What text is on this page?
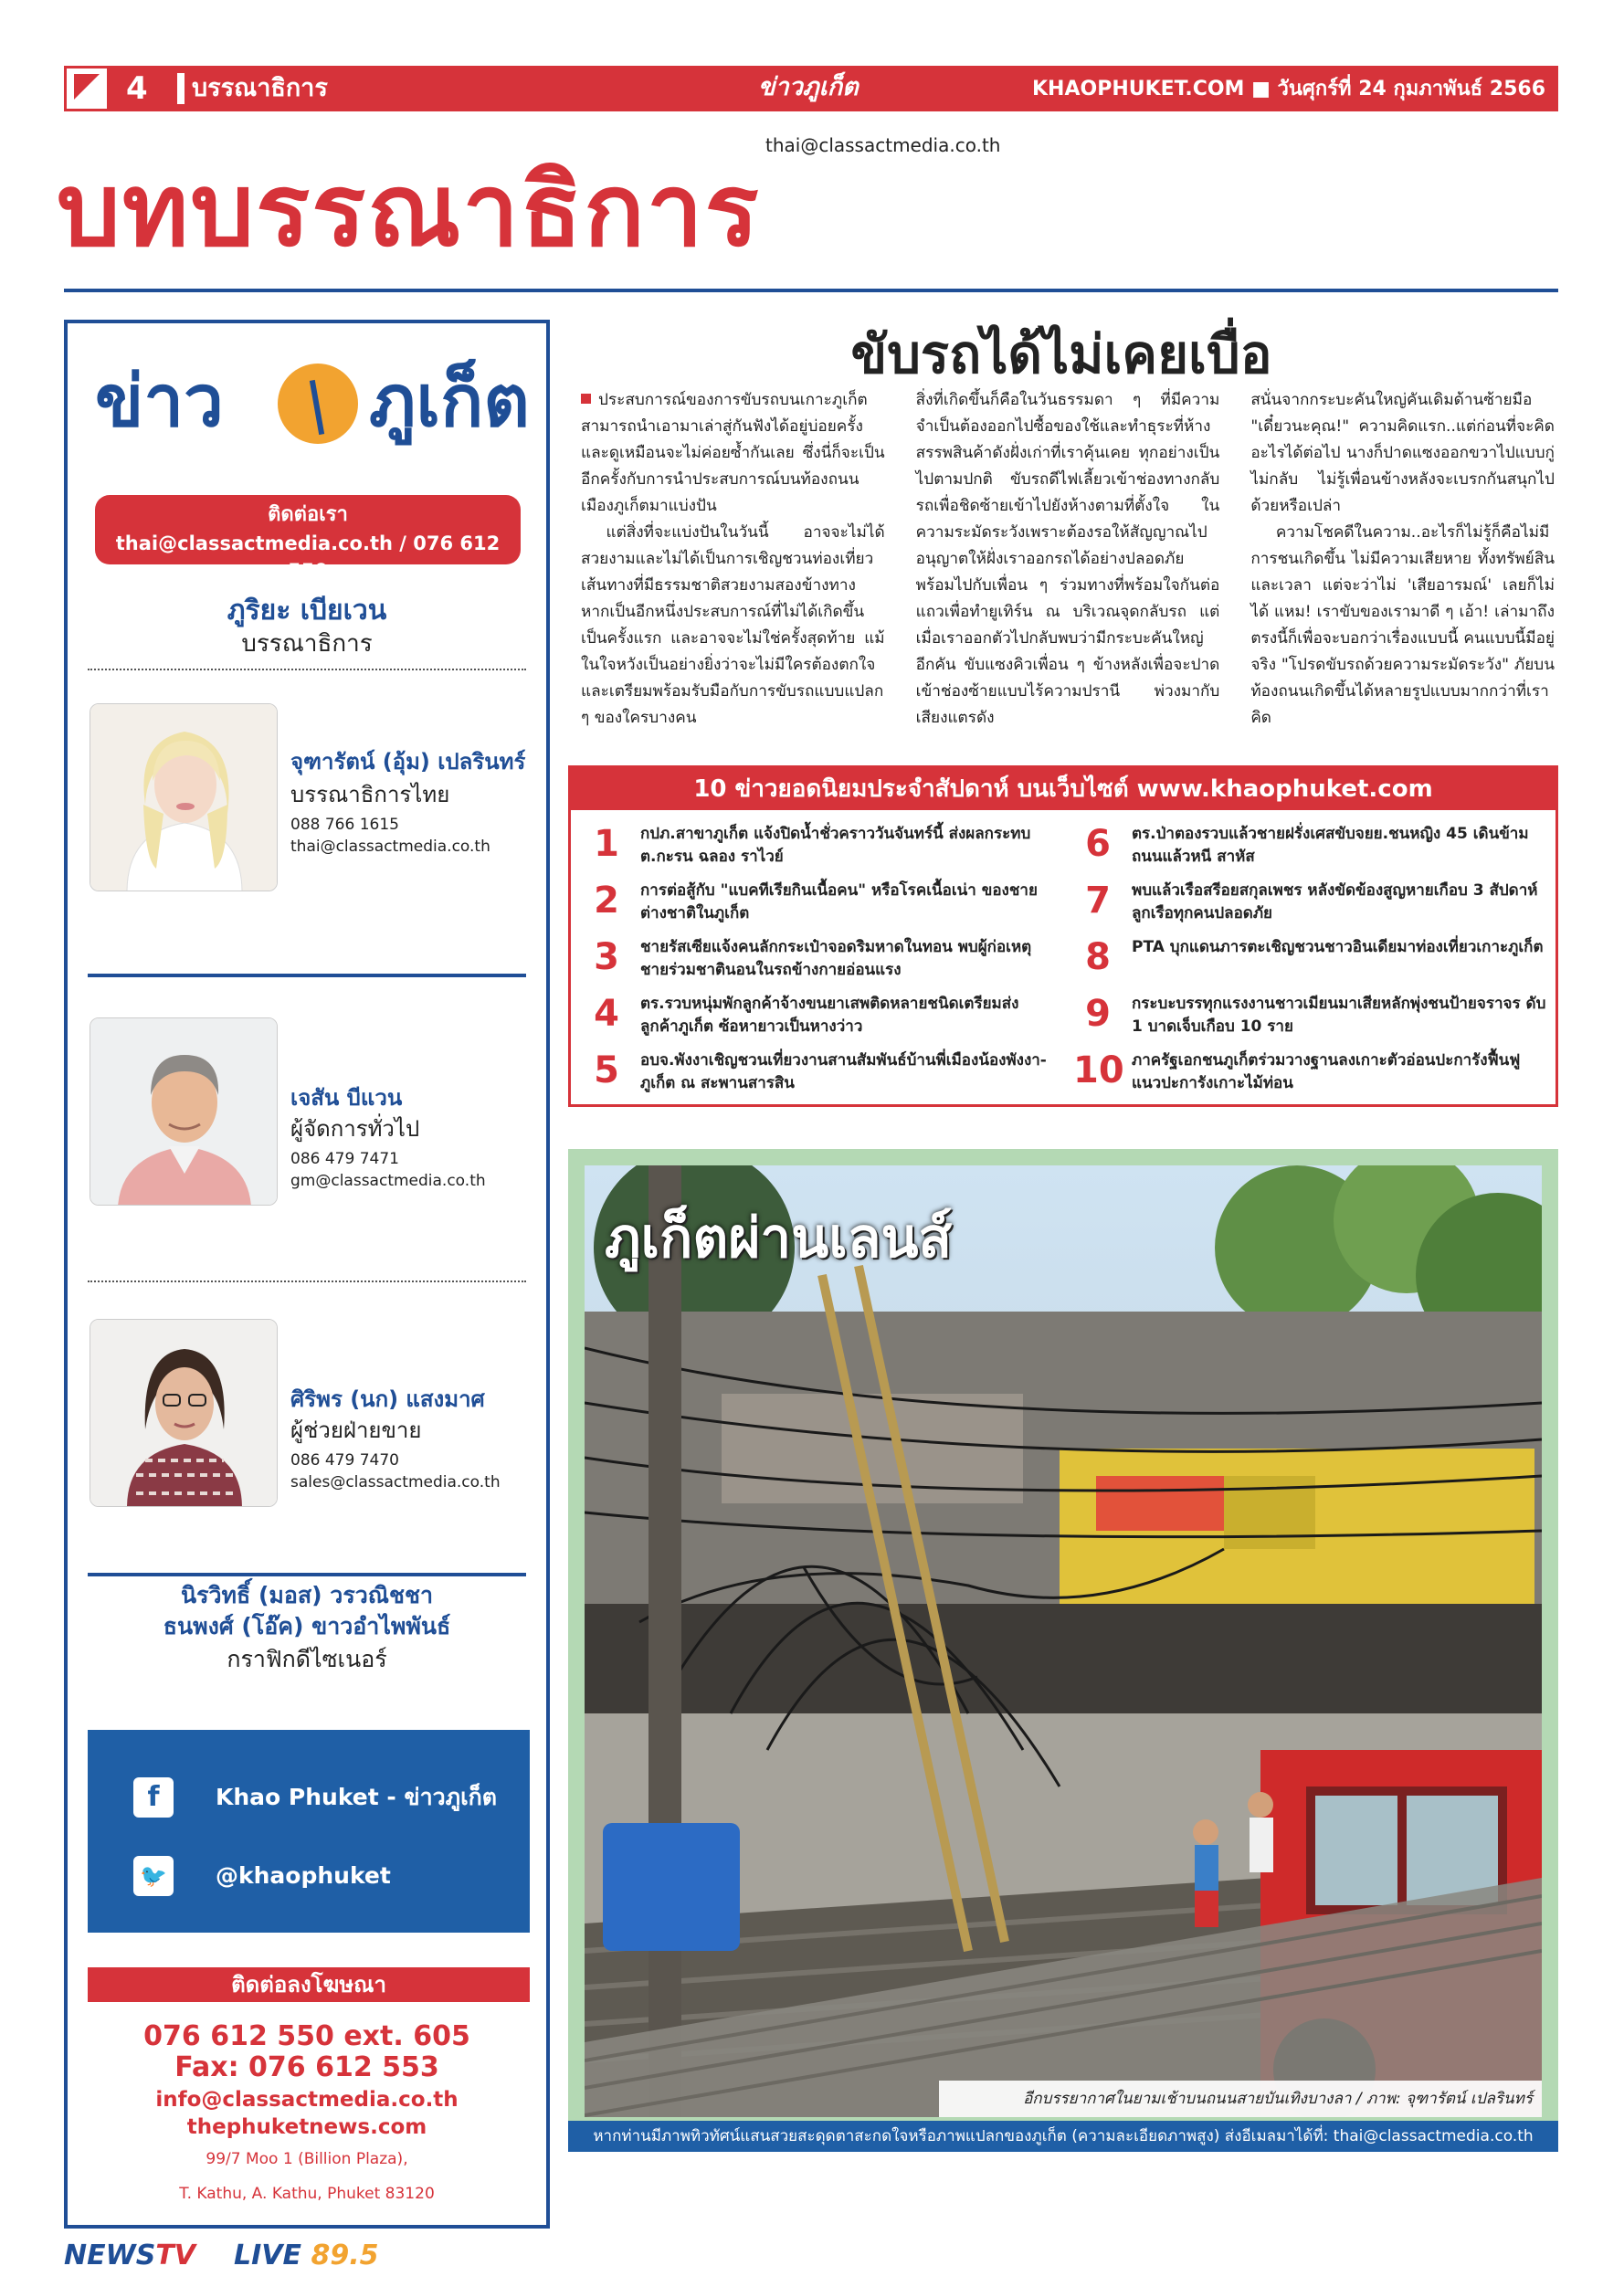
4 บรรณาธิการ	ข่าวภูเก็ต	KHAOPHUKET.COM ■ วันศุกร์ที่ 24 กุมภาพันธ์ 2566
thai@classactmedia.co.th
บทบรรณาธิการ
ข่าว ภูเก็ต
ติดต่อเรา
thai@classactmedia.co.th / 076 612 550
ภูริยะ เบียเวน
บรรณาธิการ
จุฑารัตน์ (อุ้ม) เปลรินทร์
บรรณาธิการไทย
088 766 1615
thai@classactmedia.co.th
เจสัน บีแวน
ผู้จัดการทั่วไป
086 479 7471
gm@classactmedia.co.th
ศิริพร (นก) แสงมาศ
ผู้ช่วยฝ่ายขาย
086 479 7470
sales@classactmedia.co.th
นิรวิทธิ์ (มอส) วรวณิชชา
ธนพงศ์ (โอ๊ค) ขาวอำไพพันธ์
กราฟิกดีไซเนอร์
f	Khao Phuket - ข่าวภูเก็ต
🐦 @khaophuket
ติดต่อลงโฆษณา
076 612 550 ext. 605
Fax: 076 612 553
info@classactmedia.co.th
thephuketnews.com
99/7 Moo 1 (Billion Plaza),
T. Kathu, A. Kathu, Phuket 83120
NEWSTV LIVE 89.5
ขับรถได้ไม่เคยเบื่อ

ประสบการณ์ของการขับรถบนเกาะภูเก็ต สามารถนำเอามาเล่าสู่กันฟังได้อยู่บ่อยครั้งและดูเหมือนจะไม่ค่อยซ้ำกันเลย ซึ่งนี่ก็จะเป็นอีกครั้งกับการนำประสบการณ์บนท้องถนนเมืองภูเก็ตมาแบ่งปัน

แต่สิ่งที่จะแบ่งปันในวันนี้ อาจจะไม่ได้สวยงามและไม่ได้เป็นการเชิญชวนท่องเที่ยวเส้นทางที่มีธรรมชาติสวยงามสองข้างทาง หากเป็นอีกหนึ่งประสบการณ์ที่ไม่ได้เกิดขึ้นเป็นครั้งแรก และอาจจะไม่ใช่ครั้งสุดท้าย แม้ในใจหวังเป็นอย่างยิ่งว่าจะไม่มีใครต้องตกใจและเตรียมพร้อมรับมือกับการขับรถแบบแปลก ๆ ของใครบางคน

สิ่งที่เกิดขึ้นก็คือในวันธรรมดา ๆ ที่มีความจำเป็นต้องออกไปซื้อของใช้และทำธุระที่ห้างสรรพสินค้าดังฝั่งเก่าที่เราคุ้นเคย ทุกอย่างเป็นไปตามปกติ ขับรถดีไฟเลี้ยวเข้าช่องทางกลับรถเพื่อชิดซ้ายเข้าไปยังห้างตามที่ตั้งใจ ในความระมัดระวังเพราะต้องรอให้สัญญาณไปอนุญาตให้ฝั่งเราออกรถได้อย่างปลอดภัย พร้อมไปกับเพื่อน ๆ ร่วมทางที่พร้อมใจกันต่อแถวเพื่อทำยูเทิร์น ณ บริเวณจุดกลับรถ แต่เมื่อเราออกตัวไปกลับพบว่ามีกระบะคันใหญ่อีกคัน ขับแซงคิวเพื่อน ๆ ข้างหลังเพื่อจะปาดเข้าช่องซ้ายแบบไร้ความปรานี พ่วงมากับเสียงแตรดัง

สนั่นจากกระบะคันใหญ่คันเดิมด้านซ้ายมือ "เดี๋ยวนะคุณ!" ความคิดแรก..แต่ก่อนที่จะคิดอะไรได้ต่อไป นางก็ปาดแซงออกขวาไปแบบกู่ไม่กลับ ไม่รู้เพื่อนข้างหลังจะเบรกกันสนุกไปด้วยหรือเปล่า

ความโชคดีในความ..อะไรก็ไม่รู้ก็คือไม่มีการชนเกิดขึ้น ไม่มีความเสียหาย ทั้งทรัพย์สินและเวลา แต่จะว่าไม่ 'เสียอารมณ์' เลยก็ไม่ได้ แหม! เราขับของเรามาดี ๆ เอ้า! เล่ามาถึงตรงนี้ก็เพื่อจะบอกว่าเรื่องแบบนี้ คนแบบนี้มีอยู่จริง "โปรดขับรถด้วยความระมัดระวัง" ภัยบนท้องถนนเกิดขึ้นได้หลายรูปแบบมากกว่าที่เราคิด

10 ข่าวยอดนิยมประจำสัปดาห์ บนเว็บไซต์ www.khaophuket.com
1	กปภ.สาขาภูเก็ต แจ้งปิดน้ำชั่วคราววันจันทร์นี้ ส่งผลกระทบ ต.กะรน ฉลอง ราไวย์
2	การต่อสู้กับ "แบคทีเรียกินเนื้อคน" หรือโรคเนื้อเน่า ของชายต่างชาติในภูเก็ต
3	ชายรัสเซียแจ้งคนลักกระเป๋าจอดริมหาดในทอน พบผู้ก่อเหตุชายร่วมชาตินอนในรถข้างกายอ่อนแรง
4	ตร.รวบหนุ่มพักลูกค้าจ้างขนยาเสพติดหลายชนิดเตรียมส่งลูกค้าภูเก็ต ซ้อหายาวเป็นหางว่าว
5	อบจ.พังงาเชิญชวนเที่ยวงานสานสัมพันธ์บ้านพี่เมืองน้องพังงา-ภูเก็ต ณ สะพานสารสิน
6	ตร.ป่าตองรวบแล้วชายฝรั่งเศสขับจยย.ชนหญิง 45 เดินข้ามถนนแล้วหนี สาหัส
7	พบแล้วเรือสรีอยสกุลเพชร หลังขัดข้องสูญหายเกือบ 3 สัปดาห์ ลูกเรือทุกคนปลอดภัย
8	PTA บุกแดนภารตะเชิญชวนชาวอินเดียมาท่องเที่ยวเกาะภูเก็ต
9	กระบะบรรทุกแรงงานชาวเมียนมาเสียหลักพุ่งชนป้ายจราจร ดับ 1 บาดเจ็บเกือบ 10 ราย
10 ภาครัฐเอกชนภูเก็ตร่วมวางฐานลงเกาะตัวอ่อนปะการังฟื้นฟูแนวปะการังเกาะไม้ท่อน
ภูเก็ตผ่านเลนส์
อีกบรรยากาศในยามเช้าบนถนนสายบันเทิงบางลา / ภาพ: จุฑารัตน์ เปลรินทร์
หากท่านมีภาพทิวทัศน์แสนสวยสะดุดตาสะกดใจหรือภาพแปลกของภูเก็ต (ความละเอียดภาพสูง) ส่งอีเมลมาได้ที่: thai@classactmedia.co.th
